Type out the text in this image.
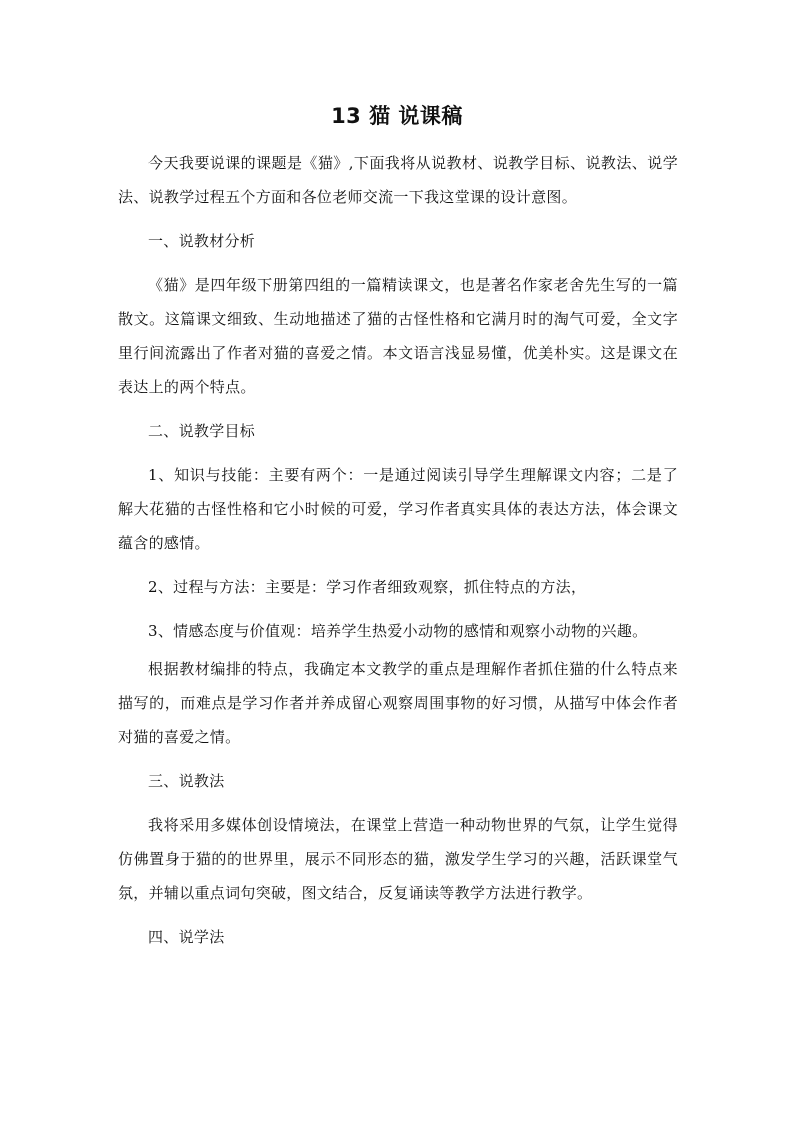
13 猫 说课稿

今天我要说课的课题是《猫》,下面我将从说教材、说教学目标、说教法、说学法、说教学过程五个方面和各位老师交流一下我这堂课的设计意图。

一、说教材分析

《猫》是四年级下册第四组的一篇精读课文，也是著名作家老舍先生写的一篇散文。这篇课文细致、生动地描述了猫的古怪性格和它满月时的淘气可爱，全文字里行间流露出了作者对猫的喜爱之情。本文语言浅显易懂，优美朴实。这是课文在表达上的两个特点。

二、说教学目标

1、知识与技能：主要有两个：一是通过阅读引导学生理解课文内容；二是了解大花猫的古怪性格和它小时候的可爱，学习作者真实具体的表达方法，体会课文蕴含的感情。

2、过程与方法：主要是：学习作者细致观察，抓住特点的方法，

3、情感态度与价值观：培养学生热爱小动物的感情和观察小动物的兴趣。

根据教材编排的特点，我确定本文教学的重点是理解作者抓住猫的什么特点来描写的，而难点是学习作者并养成留心观察周围事物的好习惯，从描写中体会作者对猫的喜爱之情。

三、说教法

我将采用多媒体创设情境法，在课堂上营造一种动物世界的气氛，让学生觉得仿佛置身于猫的的世界里，展示不同形态的猫，激发学生学习的兴趣，活跃课堂气氛，并辅以重点词句突破，图文结合，反复诵读等教学方法进行教学。

四、说学法
